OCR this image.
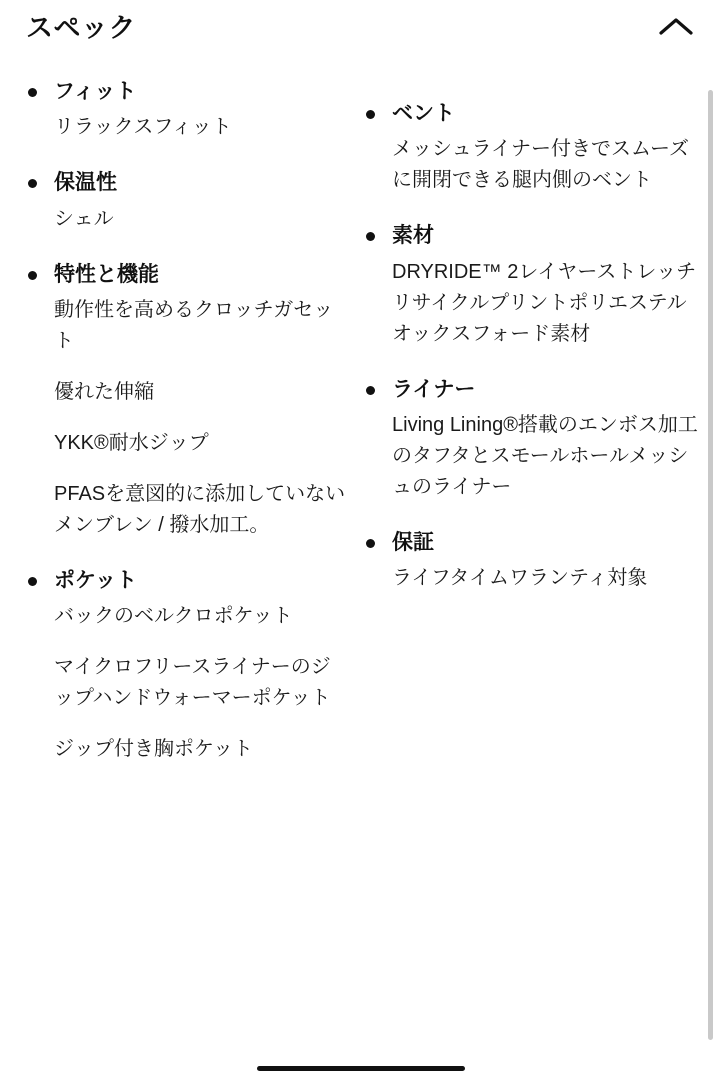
スペック
フィット
リラックスフィット
保温性
シェル
特性と機能
動作性を高めるクロッチガセット
優れた伸縮
YKK®耐水ジップ
PFASを意図的に添加していないメンブレン / 撥水加工。
ポケット
バックのベルクロポケット
マイクロフリースライナーのジップハンドウォーマーポケット
ジップ付き胸ポケット
ベント
メッシュライナー付きでスムーズに開閉できる腿内側のベント
素材
DRYRIDE™ 2レイヤーストレッチリサイクルプリントポリエステルオックスフォード素材
ライナー
Living Lining®搭載のエンボス加工のタフタとスモールホールメッシュのライナー
保証
ライフタイムワランティ対象
